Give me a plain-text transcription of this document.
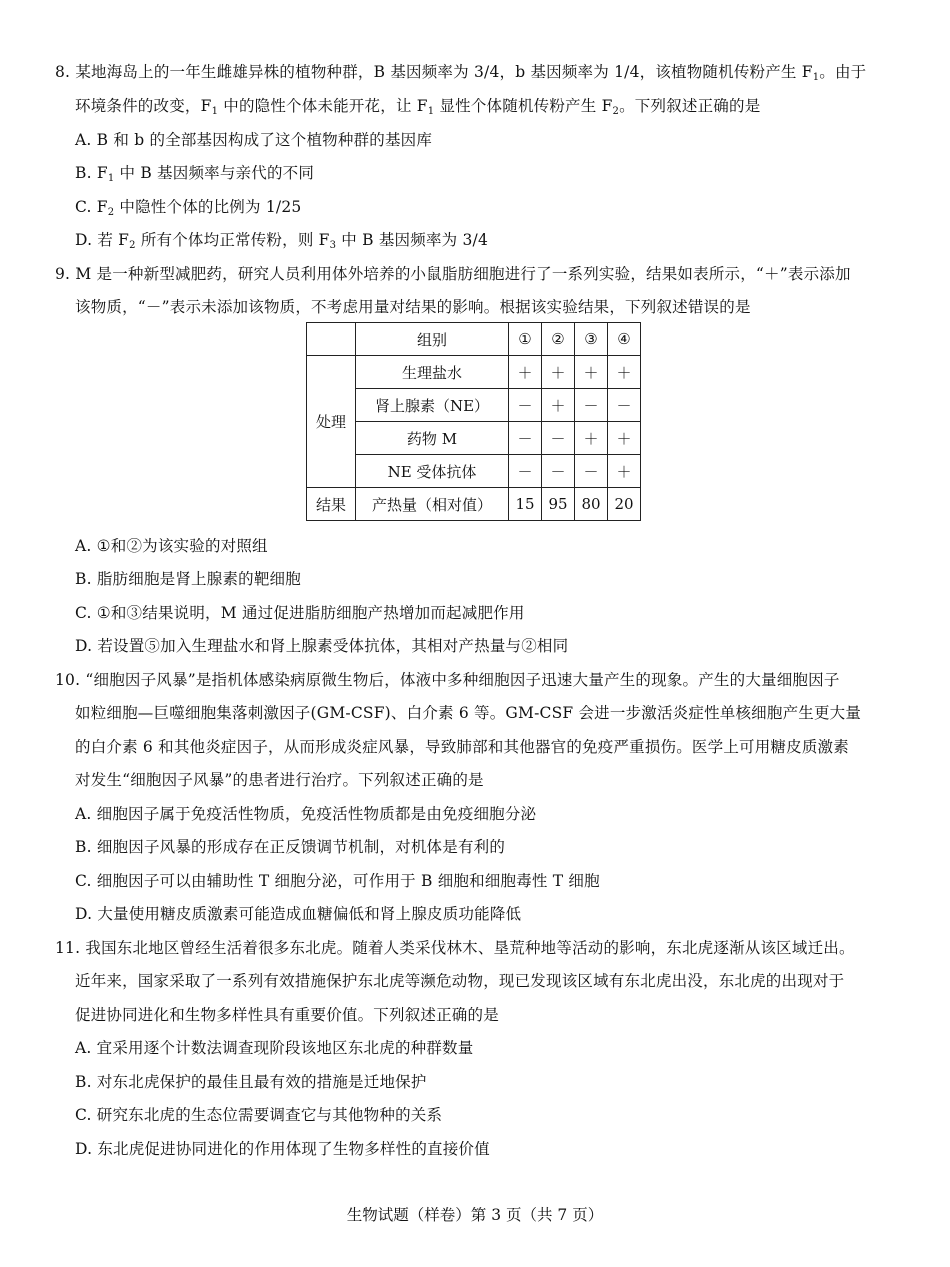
8. 某地海岛上的一年生雌雄异株的植物种群，B 基因频率为 3/4，b 基因频率为 1/4，该植物随机传粉产生 $F_1$。由于
环境条件的改变，$F_1$ 中的隐性个体未能开花，让 $F_1$ 显性个体随机传粉产生 $F_2$。下列叙述正确的是
A. B 和 b 的全部基因构成了这个植物种群的基因库
B. $F_1$ 中 B 基因频率与亲代的不同
C. $F_2$ 中隐性个体的比例为 1/25
D. 若 $F_2$ 所有个体均正常传粉，则 $F_3$ 中 B 基因频率为 3/4
9. M 是一种新型减肥药，研究人员利用体外培养的小鼠脂肪细胞进行了一系列实验，结果如表所示，“＋”表示添加
该物质，“－”表示未添加该物质，不考虑用量对结果的影响。根据该实验结果，下列叙述错误的是
	组别	①	②	③	④
处理	生理盐水	＋	＋	＋	＋
	肾上腺素（NE）	－	＋	－	－
	药物 M	－	－	＋	＋
	NE 受体抗体	－	－	－	＋
结果	产热量（相对值）	15	95	80	20
A. ①和②为该实验的对照组
B. 脂肪细胞是肾上腺素的靶细胞
C. ①和③结果说明，M 通过促进脂肪细胞产热增加而起减肥作用
D. 若设置⑤加入生理盐水和肾上腺素受体抗体，其相对产热量与②相同
10. “细胞因子风暴”是指机体感染病原微生物后，体液中多种细胞因子迅速大量产生的现象。产生的大量细胞因子
如粒细胞—巨噬细胞集落刺激因子(GM-CSF)、白介素 6 等。GM-CSF 会进一步激活炎症性单核细胞产生更大量
的白介素 6 和其他炎症因子，从而形成炎症风暴，导致肺部和其他器官的免疫严重损伤。医学上可用糖皮质激素
对发生“细胞因子风暴”的患者进行治疗。下列叙述正确的是
A. 细胞因子属于免疫活性物质，免疫活性物质都是由免疫细胞分泌
B. 细胞因子风暴的形成存在正反馈调节机制，对机体是有利的
C. 细胞因子可以由辅助性 T 细胞分泌，可作用于 B 细胞和细胞毒性 T 细胞
D. 大量使用糖皮质激素可能造成血糖偏低和肾上腺皮质功能降低
11. 我国东北地区曾经生活着很多东北虎。随着人类采伐林木、垦荒种地等活动的影响，东北虎逐渐从该区域迁出。
近年来，国家采取了一系列有效措施保护东北虎等濒危动物，现已发现该区域有东北虎出没，东北虎的出现对于
促进协同进化和生物多样性具有重要价值。下列叙述正确的是
A. 宜采用逐个计数法调查现阶段该地区东北虎的种群数量
B. 对东北虎保护的最佳且最有效的措施是迁地保护
C. 研究东北虎的生态位需要调查它与其他物种的关系
D. 东北虎促进协同进化的作用体现了生物多样性的直接价值
生物试题（样卷）第 3 页（共 7 页）
